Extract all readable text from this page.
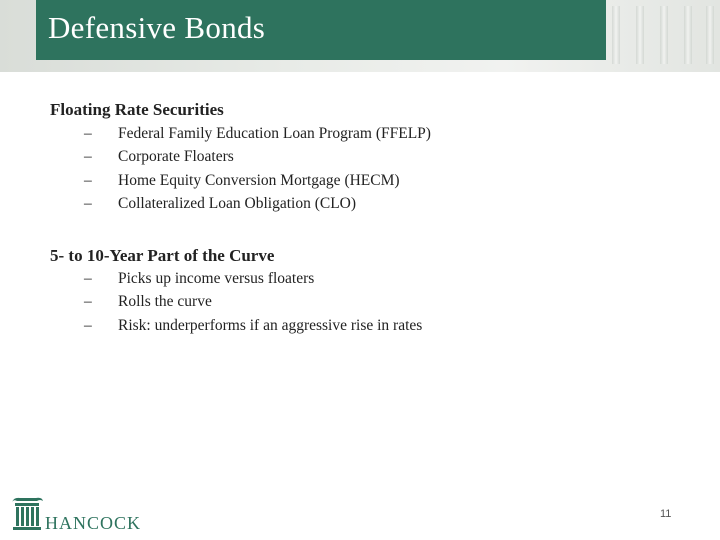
Defensive Bonds
Floating Rate Securities
– Federal Family Education Loan Program (FFELP)
– Corporate Floaters
– Home Equity Conversion Mortgage (HECM)
– Collateralized Loan Obligation (CLO)
5- to 10-Year Part of the Curve
– Picks up income versus floaters
– Rolls the curve
– Risk: underperforms if an aggressive rise in rates
HANCOCK	11
